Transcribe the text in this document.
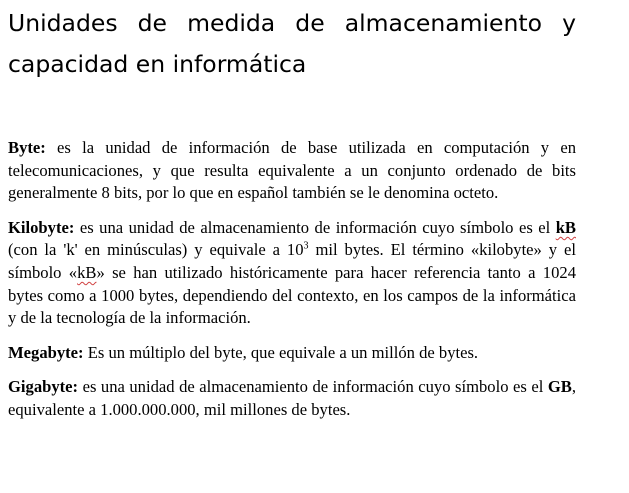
Unidades de medida de almacenamiento y capacidad en informática

Byte: es la unidad de información de base utilizada en computación y en telecomunicaciones, y que resulta equivalente a un conjunto ordenado de bits generalmente 8 bits, por lo que en español también se le denomina octeto.

Kilobyte: es una unidad de almacenamiento de información cuyo símbolo es el kB (con la 'k' en minúsculas) y equivale a $10^3$ mil bytes. El término «kilobyte» y el símbolo «kB» se han utilizado históricamente para hacer referencia tanto a 1024 bytes como a 1000 bytes, dependiendo del contexto, en los campos de la informática y de la tecnología de la información.

Megabyte: Es un múltiplo del byte, que equivale a un millón de bytes.

Gigabyte: es una unidad de almacenamiento de información cuyo símbolo es el GB, equivalente a 1.000.000.000, mil millones de bytes.
